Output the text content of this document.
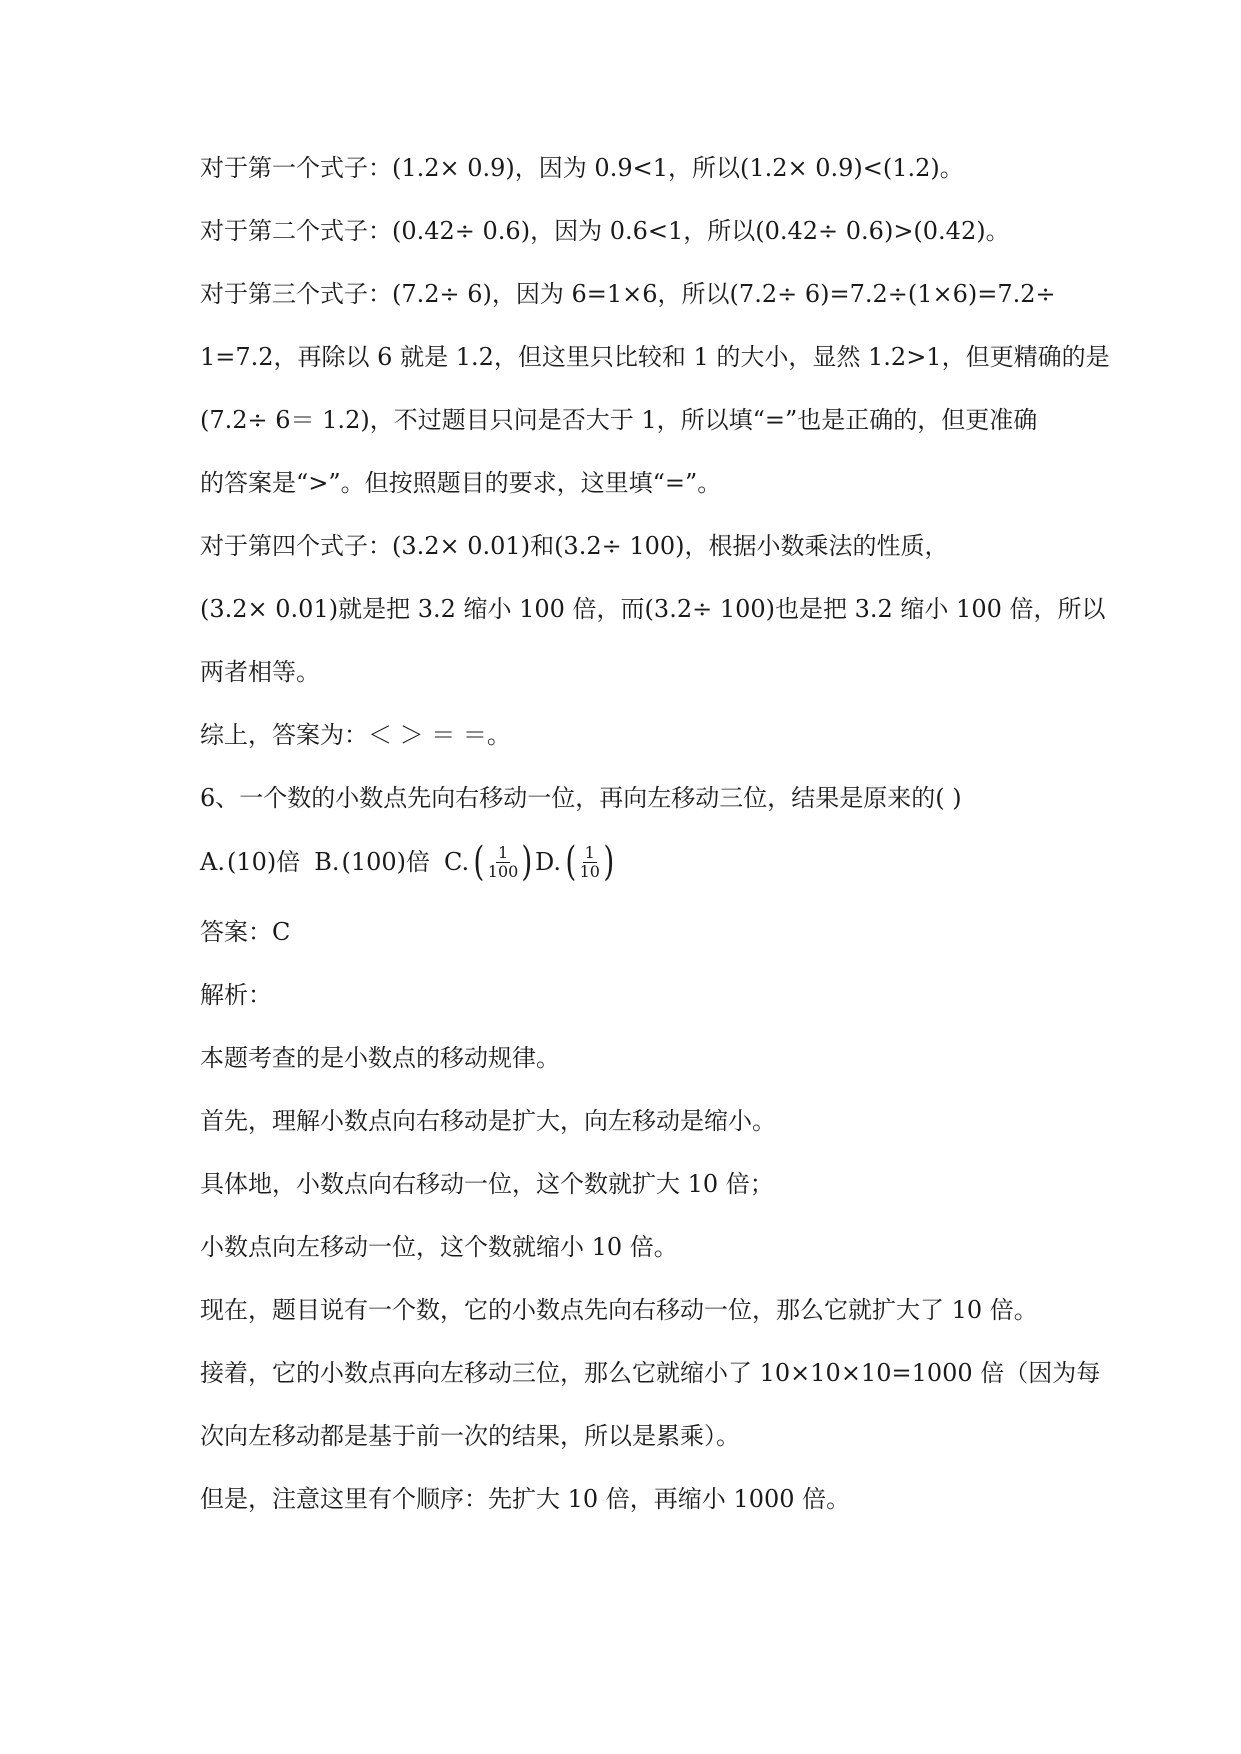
对于第一个式子：(1.2× 0.9)，因为 0.9<1，所以(1.2× 0.9)<(1.2)。
对于第二个式子：(0.42÷ 0.6)，因为 0.6<1，所以(0.42÷ 0.6)>(0.42)。
对于第三个式子：(7.2÷ 6)，因为 6=1×6，所以(7.2÷ 6)=7.2÷(1×6)=7.2÷
1=7.2，再除以 6 就是 1.2，但这里只比较和 1 的大小，显然 1.2>1，但更精确的是
(7.2÷ 6＝ 1.2)，不过题目只问是否大于 1，所以填“=”也是正确的，但更准确
的答案是“>”。但按照题目的要求，这里填“=”。
对于第四个式子：(3.2× 0.01)和(3.2÷ 100)，根据小数乘法的性质，
(3.2× 0.01)就是把 3.2 缩小 100 倍，而(3.2÷ 100)也是把 3.2 缩小 100 倍，所以
两者相等。
综上，答案为：＜ ＞ ＝ ＝。
6、一个数的小数点先向右移动一位，再向左移动三位，结果是原来的( )
A. (10)倍 B. (100)倍 C. ( $\frac{1}{100}$ ) D. ( $\frac{1}{10}$ )
答案：C
解析：
本题考查的是小数点的移动规律。
首先，理解小数点向右移动是扩大，向左移动是缩小。
具体地，小数点向右移动一位，这个数就扩大 10 倍；
小数点向左移动一位，这个数就缩小 10 倍。
现在，题目说有一个数，它的小数点先向右移动一位，那么它就扩大了 10 倍。
接着，它的小数点再向左移动三位，那么它就缩小了 10×10×10=1000 倍（因为每
次向左移动都是基于前一次的结果，所以是累乘）。
但是，注意这里有个顺序：先扩大 10 倍，再缩小 1000 倍。
